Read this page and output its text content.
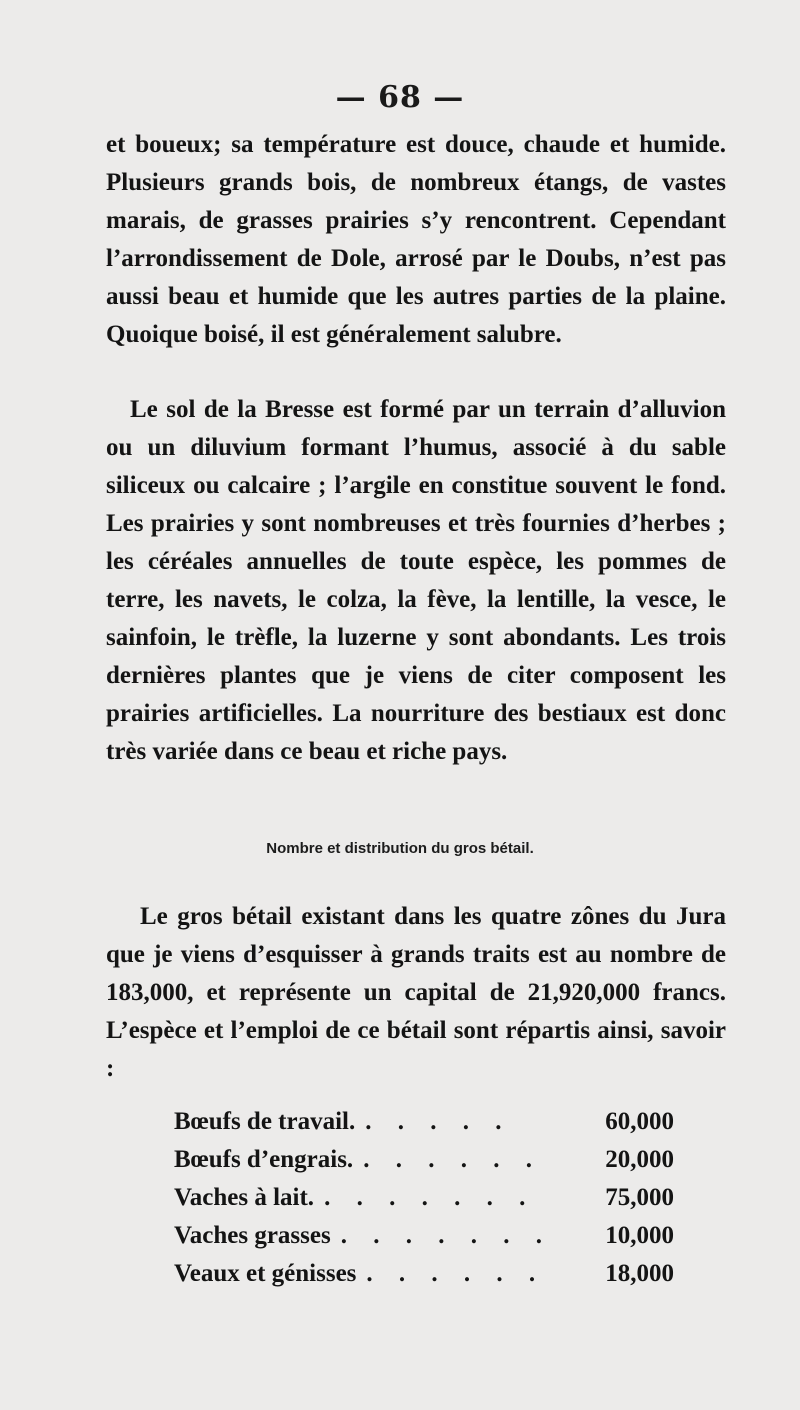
— 68 —

et boueux; sa température est douce, chaude et humide. Plusieurs grands bois, de nombreux étangs, de vastes marais, de grasses prairies s’y rencontrent. Cependant l’arrondissement de Dole, arrosé par le Doubs, n’est pas aussi beau et humide que les autres parties de la plaine. Quoique boisé, il est généralement salubre.

Le sol de la Bresse est formé par un terrain d’alluvion ou un diluvium formant l’humus, associé à du sable siliceux ou calcaire ; l’argile en constitue souvent le fond. Les prairies y sont nombreuses et très fournies d’herbes ; les céréales annuelles de toute espèce, les pommes de terre, les navets, le colza, la fève, la lentille, la vesce, le sainfoin, le trèfle, la luzerne y sont abondants. Les trois dernières plantes que je viens de citer composent les prairies artificielles. La nourriture des bestiaux est donc très variée dans ce beau et riche pays.

Nombre et distribution du gros bétail.

Le gros bétail existant dans les quatre zônes du Jura que je viens d’esquisser à grands traits est au nombre de 183,000, et représente un capital de 21,920,000 francs. L’espèce et l’emploi de ce bétail sont répartis ainsi, savoir :

Bœufs de travail. . . . . .	60,000
Bœufs d’engrais. . . . . . .	20,000
Vaches à lait. . . . . . . .	75,000
Vaches grasses . . . . . . .	10,000
Veaux et génisses . . . . . .	18,000
